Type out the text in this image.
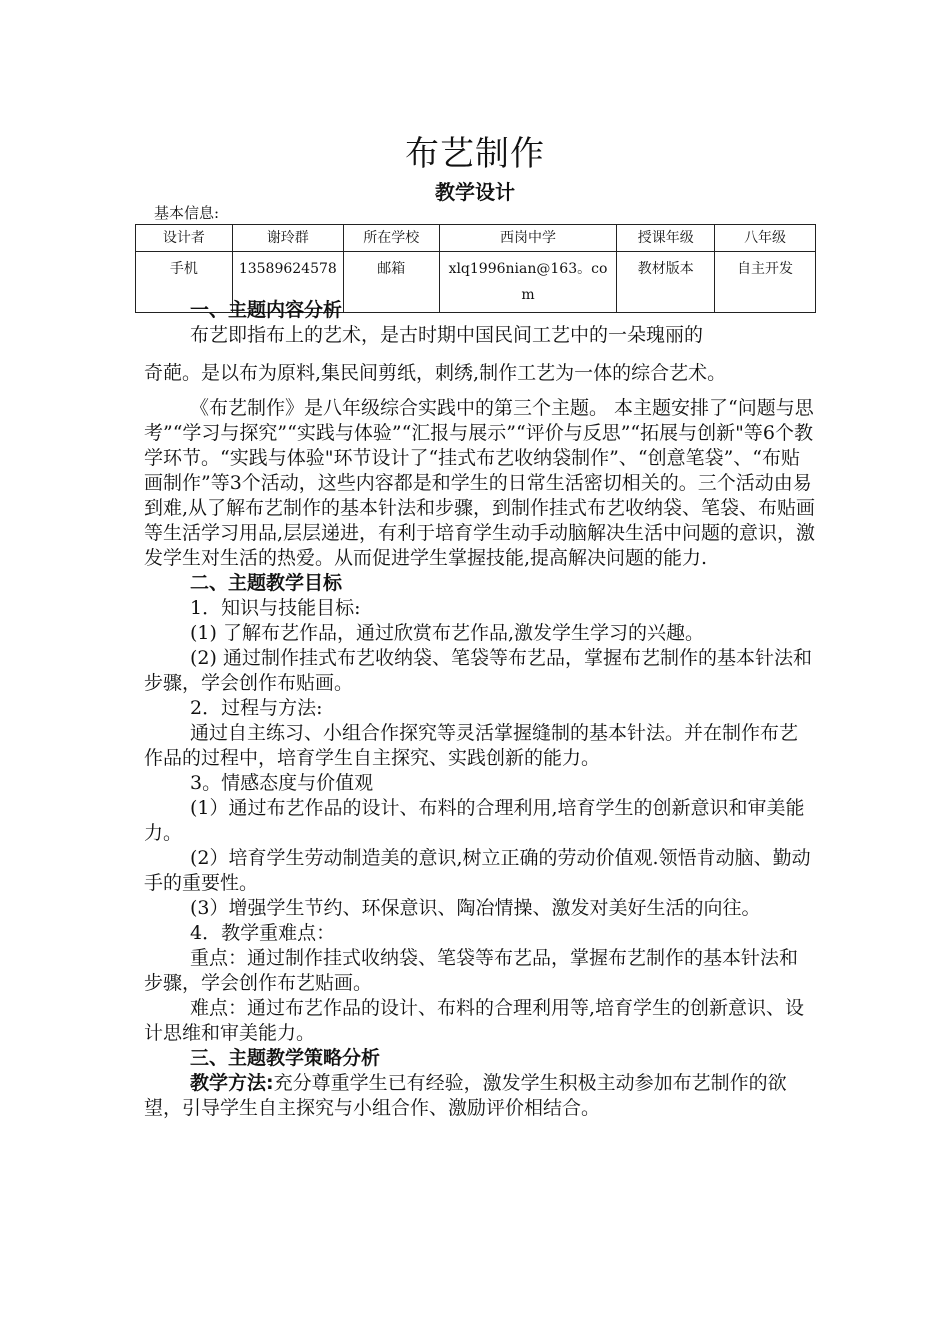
布艺制作
教学设计
基本信息:
设计者	谢玲群	所在学校	西岗中学	授课年级	八年级
手机	13589624578	邮箱	xlq1996nian@163。com	教材版本	自主开发

一、主题内容分析

布艺即指布上的艺术，是古时期中国民间工艺中的一朵瑰丽的

奇葩。是以布为原料,集民间剪纸，刺绣,制作工艺为一体的综合艺术。

《布艺制作》是八年级综合实践中的第三个主题。 本主题安排了“问题与思考”“学习与探究”“实践与体验”“汇报与展示”“评价与反思”“拓展与创新"等6个教学环节。“实践与体验"环节设计了“挂式布艺收纳袋制作”、“创意笔袋”、“布贴画制作”等3个活动，这些内容都是和学生的日常生活密切相关的。三个活动由易到难,从了解布艺制作的基本针法和步骤，到制作挂式布艺收纳袋、笔袋、布贴画等生活学习用品,层层递进，有利于培育学生动手动脑解决生活中问题的意识，激发学生对生活的热爱。从而促进学生掌握技能,提高解决问题的能力.

二、主题教学目标

1．知识与技能目标:

(1) 了解布艺作品，通过欣赏布艺作品,激发学生学习的兴趣。

(2) 通过制作挂式布艺收纳袋、笔袋等布艺品，掌握布艺制作的基本针法和步骤，学会创作布贴画。

2．过程与方法:

通过自主练习、小组合作探究等灵活掌握缝制的基本针法。并在制作布艺作品的过程中，培育学生自主探究、实践创新的能力。

3。情感态度与价值观

(1）通过布艺作品的设计、布料的合理利用,培育学生的创新意识和审美能力。

(2）培育学生劳动制造美的意识,树立正确的劳动价值观.领悟肯动脑、勤动手的重要性。

(3）增强学生节约、环保意识、陶冶情操、激发对美好生活的向往。

4．教学重难点：

重点：通过制作挂式收纳袋、笔袋等布艺品，掌握布艺制作的基本针法和步骤，学会创作布艺贴画。

难点：通过布艺作品的设计、布料的合理利用等,培育学生的创新意识、设计思维和审美能力。

三、主题教学策略分析

教学方法:充分尊重学生已有经验，激发学生积极主动参加布艺制作的欲望，引导学生自主探究与小组合作、激励评价相结合。
